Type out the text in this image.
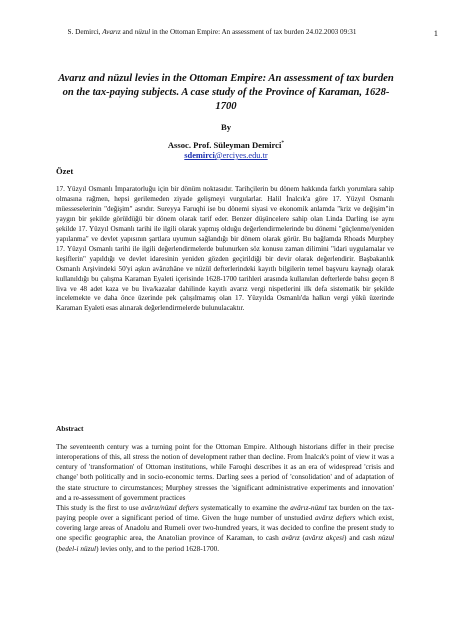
S. Demirci, Avarız and nüzul in the Ottoman Empire: An assessment of tax burden 24.02.2003 09:31	1
Avarız and nüzul levies in the Ottoman Empire: An assessment of tax burden on the tax-paying subjects. A case study of the Province of Karaman, 1628-1700
By
Assoc. Prof. Süleyman Demirci*
sdemirci@erciyes.edu.tr
Özet
17. Yüzyıl Osmanlı İmparatorluğu için bir dönüm noktasıdır. Tarihçilerin bu dönem hakkında farklı yorumlara sahip olmasına rağmen, hepsi gerilemeden ziyade gelişmeyi vurgularlar. Halil İnalcık'a göre 17. Yüzyıl Osmanlı müesseselerinin "değişim" asrıdır. Sureyya Faruqhi ise bu dönemi siyasi ve ekonomik anlamda "kriz ve değişim"in yaygın bir şekilde görüldüğü bir dönem olarak tarif eder. Benzer düşüncelere sahip olan Linda Darling ise aynı şekilde 17. Yüzyıl Osmanlı tarihi ile ilgili olarak yapmış olduğu değerlendirmelerinde bu dönemi "güçlenme/yeniden yapılanma" ve devlet yapısının şartlara uyumun sağlandığı bir dönem olarak görür. Bu bağlamda Rhoads Murphey 17. Yüzyıl Osmanlı tarihi ile ilgili değerlendirmelerde bulunurken söz konusu zaman dilimini "idari uygulamalar ve keşiflerin" yapıldığı ve devlet idaresinin yeniden gözden geçirildiği bir devir olarak değerlendirir. Başbakanlık Osmanlı Arşivindeki 50'yi aşkın avârızhâne ve nüzül defterlerindeki kayıtlı bilgilerin temel başvuru kaynağı olarak kullanıldığı bu çalışma Karaman Eyaleti içerisinde 1628-1700 tarihleri arasında kullanılan defterlerde bahsı geçen 8 liva ve 48 adet kaza ve bu liva/kazalar dahilinde kayıtlı avarız vergi nispetlerini ilk defa sistematik bir şekilde incelemekte ve daha önce üzerinde pek çalışılmamış olan 17. Yüzyılda Osmanlı'da halkın vergi yükü üzerinde Karaman Eyaleti esas alınarak değerlendirmelerde bulunulacaktır.
Abstract
The seventeenth century was a turning point for the Ottoman Empire. Although historians differ in their precise interoperations of this, all stress the notion of development rather than decline. From İnalcık's point of view it was a century of 'transformation' of Ottoman institutions, while Faroqhi describes it as an era of widespread 'crisis and change' both politically and in socio-economic terms. Darling sees a period of 'consolidation' and of adaptation of the state structure to circumstances; Murphey stresses the 'significant administrative experiments and innovation' and a re-assessment of government practices
This study is the first to use avârız/nüzul defters systematically to examine the avârız-nüzul tax burden on the tax-paying people over a significant period of time. Given the huge number of unstudied avârız defters which exist, covering large areas of Anadolu and Rumeli over two-hundred years, it was decided to confine the present study to one specific geographic area, the Anatolian province of Karaman, to cash avârız (avârız akçesi) and cash nüzul (bedel-i nüzul) levies only, and to the period 1628-1700.
